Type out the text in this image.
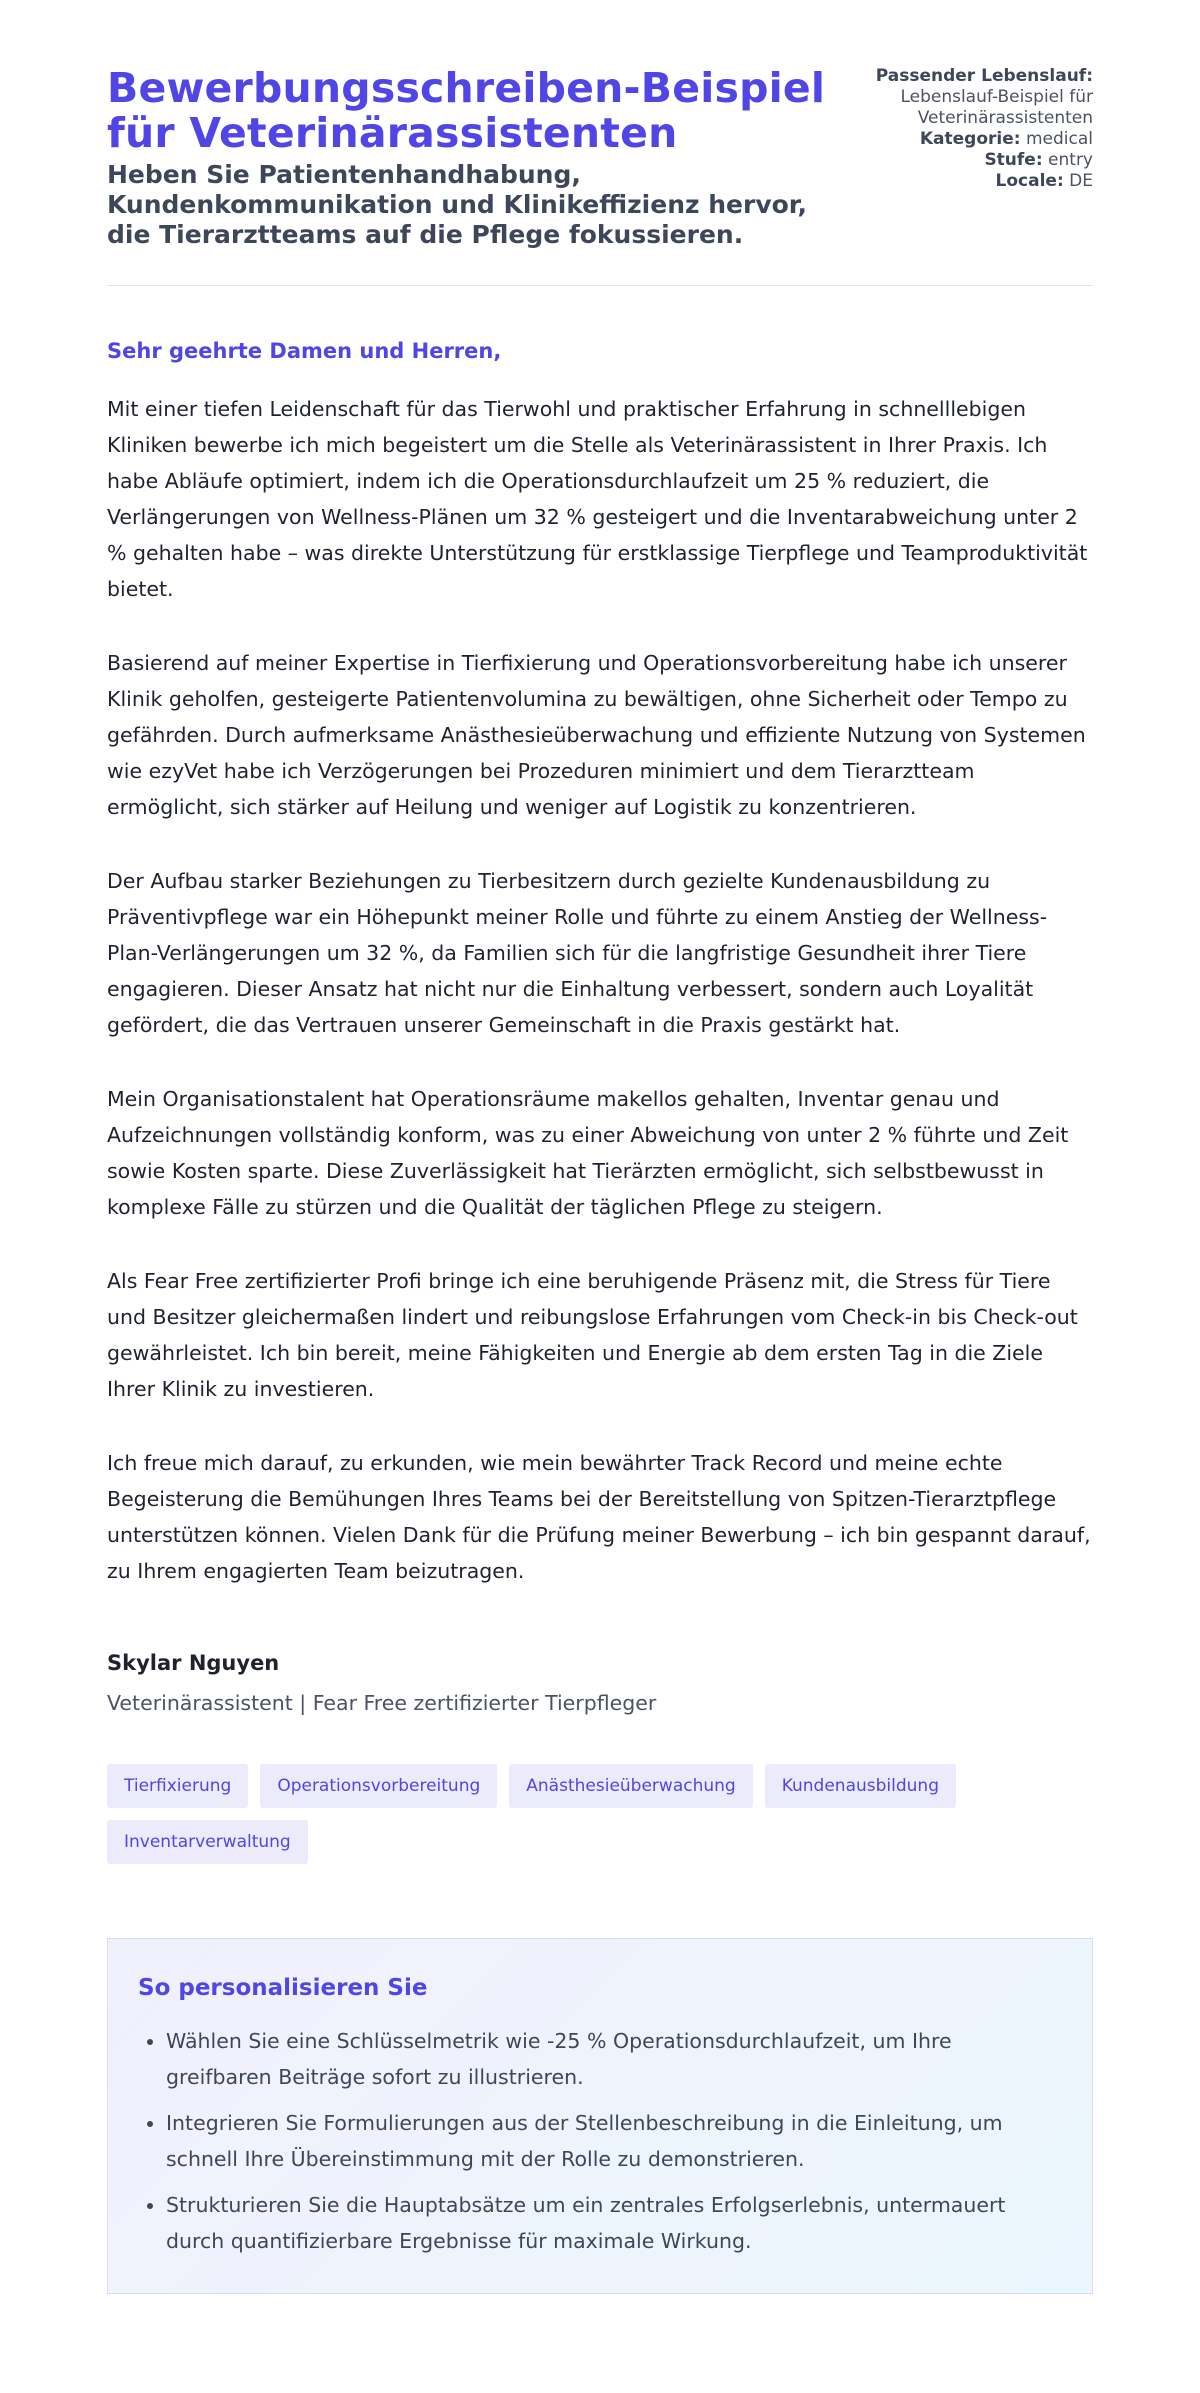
Bewerbungsschreiben-Beispiel für Veterinärassistenten
Heben Sie Patientenhandhabung, Kundenkommunikation und Klinikeffizienz hervor, die Tierarztteams auf die Pflege fokussieren.
Passender Lebenslauf:
Lebenslauf-Beispiel für Veterinärassistenten
Kategorie: medical
Stufe: entry
Locale: DE

Sehr geehrte Damen und Herren,

Mit einer tiefen Leidenschaft für das Tierwohl und praktischer Erfahrung in schnelllebigen Kliniken bewerbe ich mich begeistert um die Stelle als Veterinärassistent in Ihrer Praxis. Ich habe Abläufe optimiert, indem ich die Operationsdurchlaufzeit um 25 % reduziert, die Verlängerungen von Wellness-Plänen um 32 % gesteigert und die Inventarabweichung unter 2 % gehalten habe – was direkte Unterstützung für erstklassige Tierpflege und Teamproduktivität bietet.

Basierend auf meiner Expertise in Tierfixierung und Operationsvorbereitung habe ich unserer Klinik geholfen, gesteigerte Patientenvolumina zu bewältigen, ohne Sicherheit oder Tempo zu gefährden. Durch aufmerksame Anästhesieüberwachung und effiziente Nutzung von Systemen wie ezyVet habe ich Verzögerungen bei Prozeduren minimiert und dem Tierarztteam ermöglicht, sich stärker auf Heilung und weniger auf Logistik zu konzentrieren.

Der Aufbau starker Beziehungen zu Tierbesitzern durch gezielte Kundenausbildung zu Präventivpflege war ein Höhepunkt meiner Rolle und führte zu einem Anstieg der Wellness-Plan-Verlängerungen um 32 %, da Familien sich für die langfristige Gesundheit ihrer Tiere engagieren. Dieser Ansatz hat nicht nur die Einhaltung verbessert, sondern auch Loyalität gefördert, die das Vertrauen unserer Gemeinschaft in die Praxis gestärkt hat.

Mein Organisationstalent hat Operationsräume makellos gehalten, Inventar genau und Aufzeichnungen vollständig konform, was zu einer Abweichung von unter 2 % führte und Zeit sowie Kosten sparte. Diese Zuverlässigkeit hat Tierärzten ermöglicht, sich selbstbewusst in komplexe Fälle zu stürzen und die Qualität der täglichen Pflege zu steigern.

Als Fear Free zertifizierter Profi bringe ich eine beruhigende Präsenz mit, die Stress für Tiere und Besitzer gleichermaßen lindert und reibungslose Erfahrungen vom Check-in bis Check-out gewährleistet. Ich bin bereit, meine Fähigkeiten und Energie ab dem ersten Tag in die Ziele Ihrer Klinik zu investieren.

Ich freue mich darauf, zu erkunden, wie mein bewährter Track Record und meine echte Begeisterung die Bemühungen Ihres Teams bei der Bereitstellung von Spitzen-Tierarztpflege unterstützen können. Vielen Dank für die Prüfung meiner Bewerbung – ich bin gespannt darauf, zu Ihrem engagierten Team beizutragen.

Skylar Nguyen

Veterinärassistent | Fear Free zertifizierter Tierpfleger

Tierfixierung	Operationsvorbereitung	Anästhesieüberwachung	Kundenausbildung
Inventarverwaltung
So personalisieren Sie
• Wählen Sie eine Schlüsselmetrik wie -25 % Operationsdurchlaufzeit, um Ihre greifbaren Beiträge sofort zu illustrieren.
• Integrieren Sie Formulierungen aus der Stellenbeschreibung in die Einleitung, um schnell Ihre Übereinstimmung mit der Rolle zu demonstrieren.
• Strukturieren Sie die Hauptabsätze um ein zentrales Erfolgserlebnis, untermauert durch quantifizierbare Ergebnisse für maximale Wirkung.
